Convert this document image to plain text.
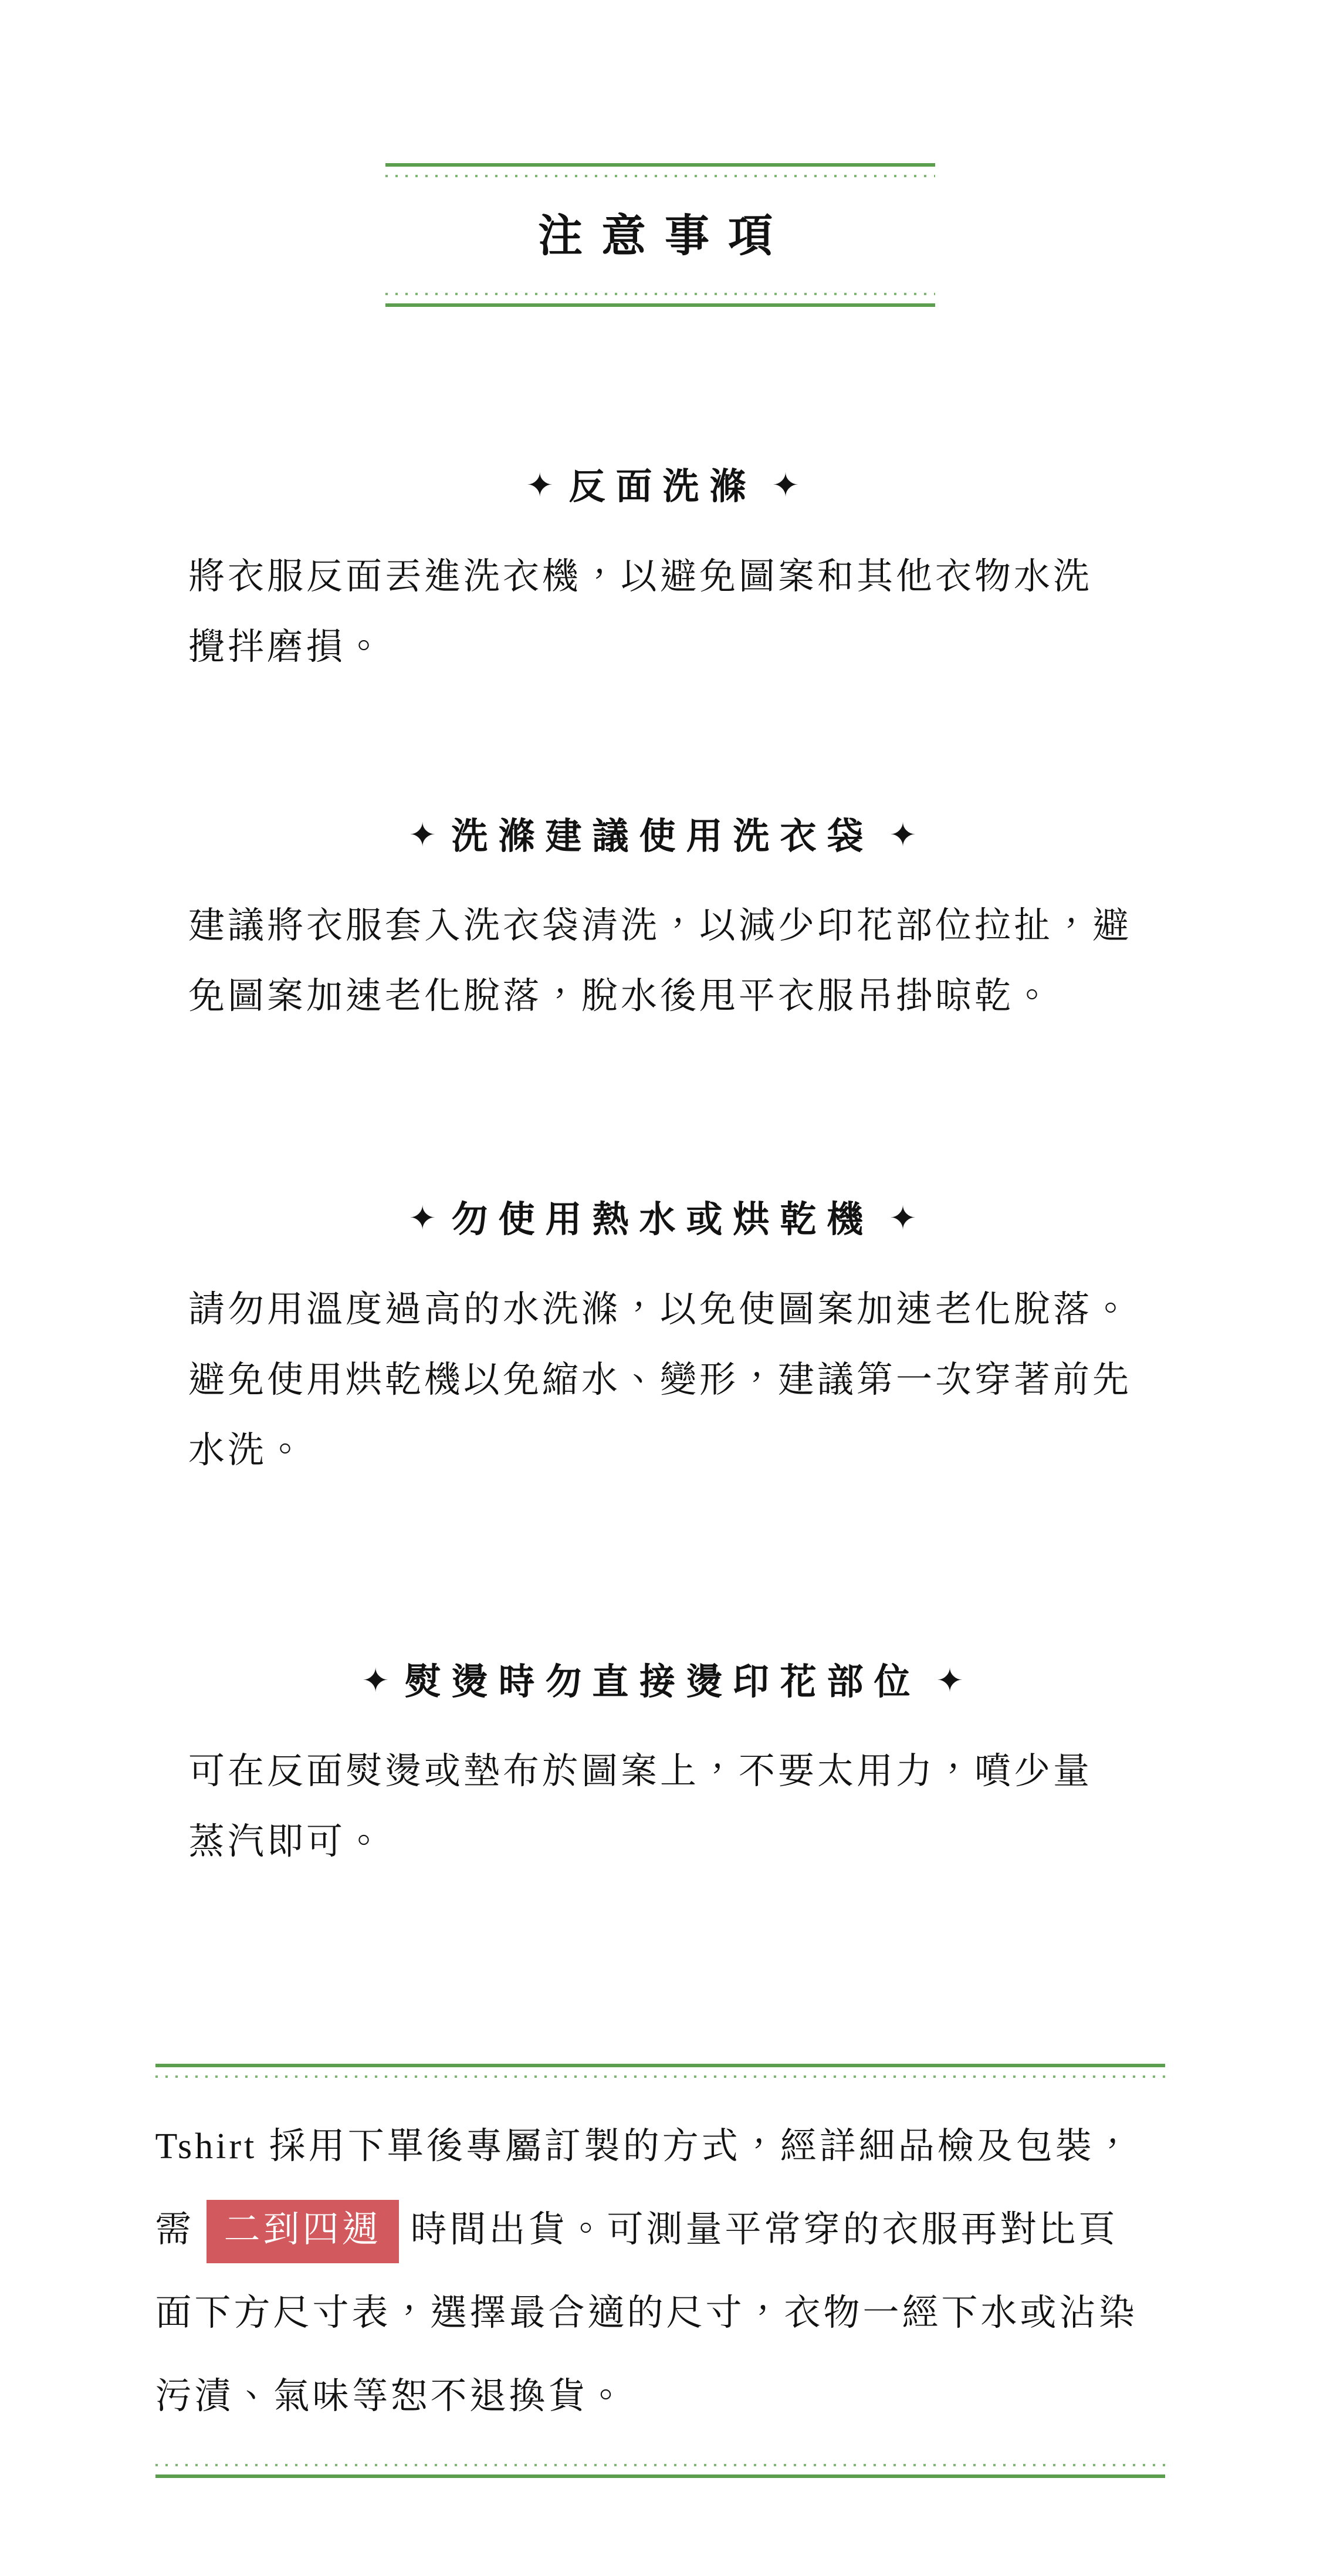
注意事項
✦ 反面洗滌 ✦
將衣服反面丟進洗衣機，以避免圖案和其他衣物水洗
攪拌磨損。
✦ 洗滌建議使用洗衣袋 ✦
建議將衣服套入洗衣袋清洗，以減少印花部位拉扯，避
免圖案加速老化脫落，脫水後甩平衣服吊掛晾乾。
✦ 勿使用熱水或烘乾機 ✦
請勿用溫度過高的水洗滌，以免使圖案加速老化脫落。
避免使用烘乾機以免縮水、變形，建議第一次穿著前先
水洗。
✦ 熨燙時勿直接燙印花部位 ✦
可在反面熨燙或墊布於圖案上，不要太用力，噴少量
蒸汽即可。
Tshirt 採用下單後專屬訂製的方式，經詳細品檢及包裝，
需 二到四週 時間出貨。可測量平常穿的衣服再對比頁
面下方尺寸表，選擇最合適的尺寸，衣物一經下水或沾染
污漬、氣味等恕不退換貨。
